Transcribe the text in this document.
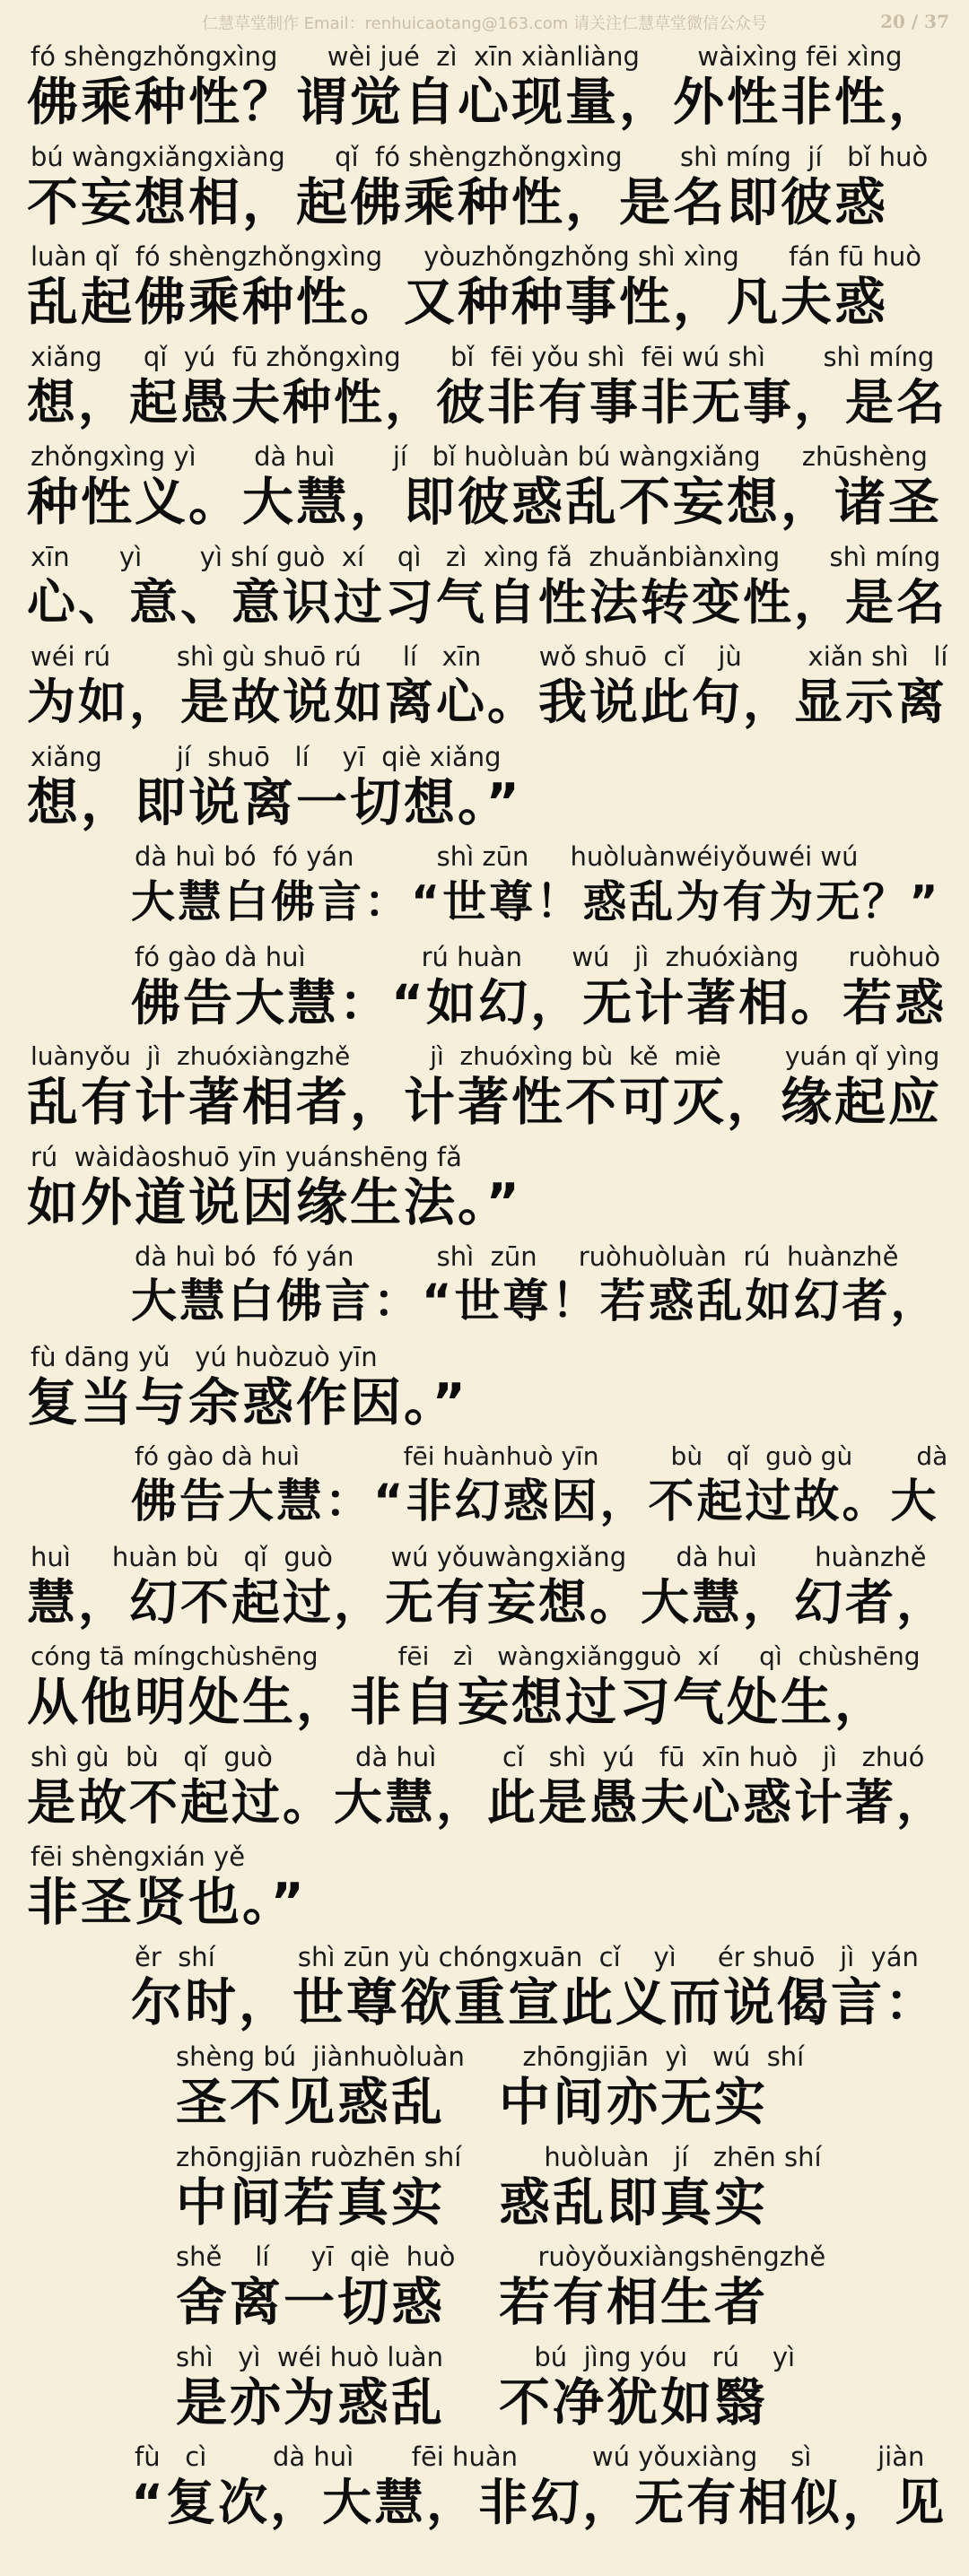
仁慧草堂制作 Email：renhuicaotang@163.com 请关注仁慧草堂微信公众号	20 / 37
fó shèngzhǒngxìng      wèi jué  zì  xīn xiànliàng       wàixìng fēi xìng
佛乘种性？谓觉自心现量，外性非性，
bú wàngxiǎngxiàng      qǐ  fó shèngzhǒngxìng       shì míng  jí   bǐ huò
不妄想相，起佛乘种性，是名即彼惑
luàn qǐ  fó shèngzhǒngxìng     yòuzhǒngzhǒng shì xìng      fán fū huò
乱起佛乘种性。又种种事性，凡夫惑
xiǎng     qǐ  yú  fū zhǒngxìng      bǐ  fēi yǒu shì  fēi wú shì       shì míng
想，起愚夫种性，彼非有事非无事，是名
zhǒngxìng yì       dà huì       jí   bǐ huòluàn bú wàngxiǎng     zhūshèng
种性义。大慧，即彼惑乱不妄想，诸圣
xīn      yì       yì shí guò  xí    qì   zì  xìng fǎ  zhuǎnbiànxìng      shì míng
心、意、意识过习气自性法转变性，是名
wéi rú        shì gù shuō rú     lí   xīn       wǒ shuō  cǐ    jù        xiǎn shì   lí
为如，是故说如离心。我说此句，显示离
xiǎng         jí  shuō   lí    yī  qiè xiǎng
想，即说离一切想。”
dà huì bó  fó yán          shì zūn     huòluànwéiyǒuwéi wú
大慧白佛言：“世尊！惑乱为有为无？”
fó gào dà huì              rú huàn      wú   jì  zhuóxiàng      ruòhuò
佛告大慧：“如幻，无计著相。若惑
luànyǒu  jì  zhuóxiàngzhě          jì  zhuóxìng bù  kě  miè        yuán qǐ yìng
乱有计著相者，计著性不可灭，缘起应
rú  wàidàoshuō yīn yuánshēng fǎ
如外道说因缘生法。”
dà huì bó  fó yán          shì  zūn     ruòhuòluàn  rú  huànzhě
大慧白佛言：“世尊！若惑乱如幻者，
fù dāng yǔ   yú huòzuò yīn
复当与余惑作因。”
fó gào dà huì             fēi huànhuò yīn         bù   qǐ  guò gù        dà
佛告大慧：“非幻惑因，不起过故。大
huì     huàn bù   qǐ  guò       wú yǒuwàngxiǎng      dà huì       huànzhě
慧，幻不起过，无有妄想。大慧，幻者，
cóng tā míngchùshēng          fēi   zì   wàngxiǎngguò  xí     qì  chùshēng
从他明处生，非自妄想过习气处生，
shì gù  bù   qǐ  guò          dà huì        cǐ   shì  yú   fū  xīn huò   jì   zhuó
是故不起过。大慧，此是愚夫心惑计著，
fēi shèngxián yě
非圣贤也。”
ěr  shí          shì zūn yù chóngxuān  cǐ    yì     ér shuō   jì  yán
尔时，世尊欲重宣此义而说偈言：
shèng bú  jiànhuòluàn       zhōngjiān  yì   wú  shí
圣不见惑乱　中间亦无实
zhōngjiān ruòzhēn shí          huòluàn   jí   zhēn shí
中间若真实　惑乱即真实
shě    lí     yī  qiè  huò          ruòyǒuxiàngshēngzhě
舍离一切惑　若有相生者
shì   yì  wéi huò luàn           bú  jìng yóu   rú    yì
是亦为惑乱　不净犹如翳
fù   cì        dà huì       fēi huàn         wú yǒuxiàng    sì        jiàn
“复次，大慧，非幻，无有相似，见
